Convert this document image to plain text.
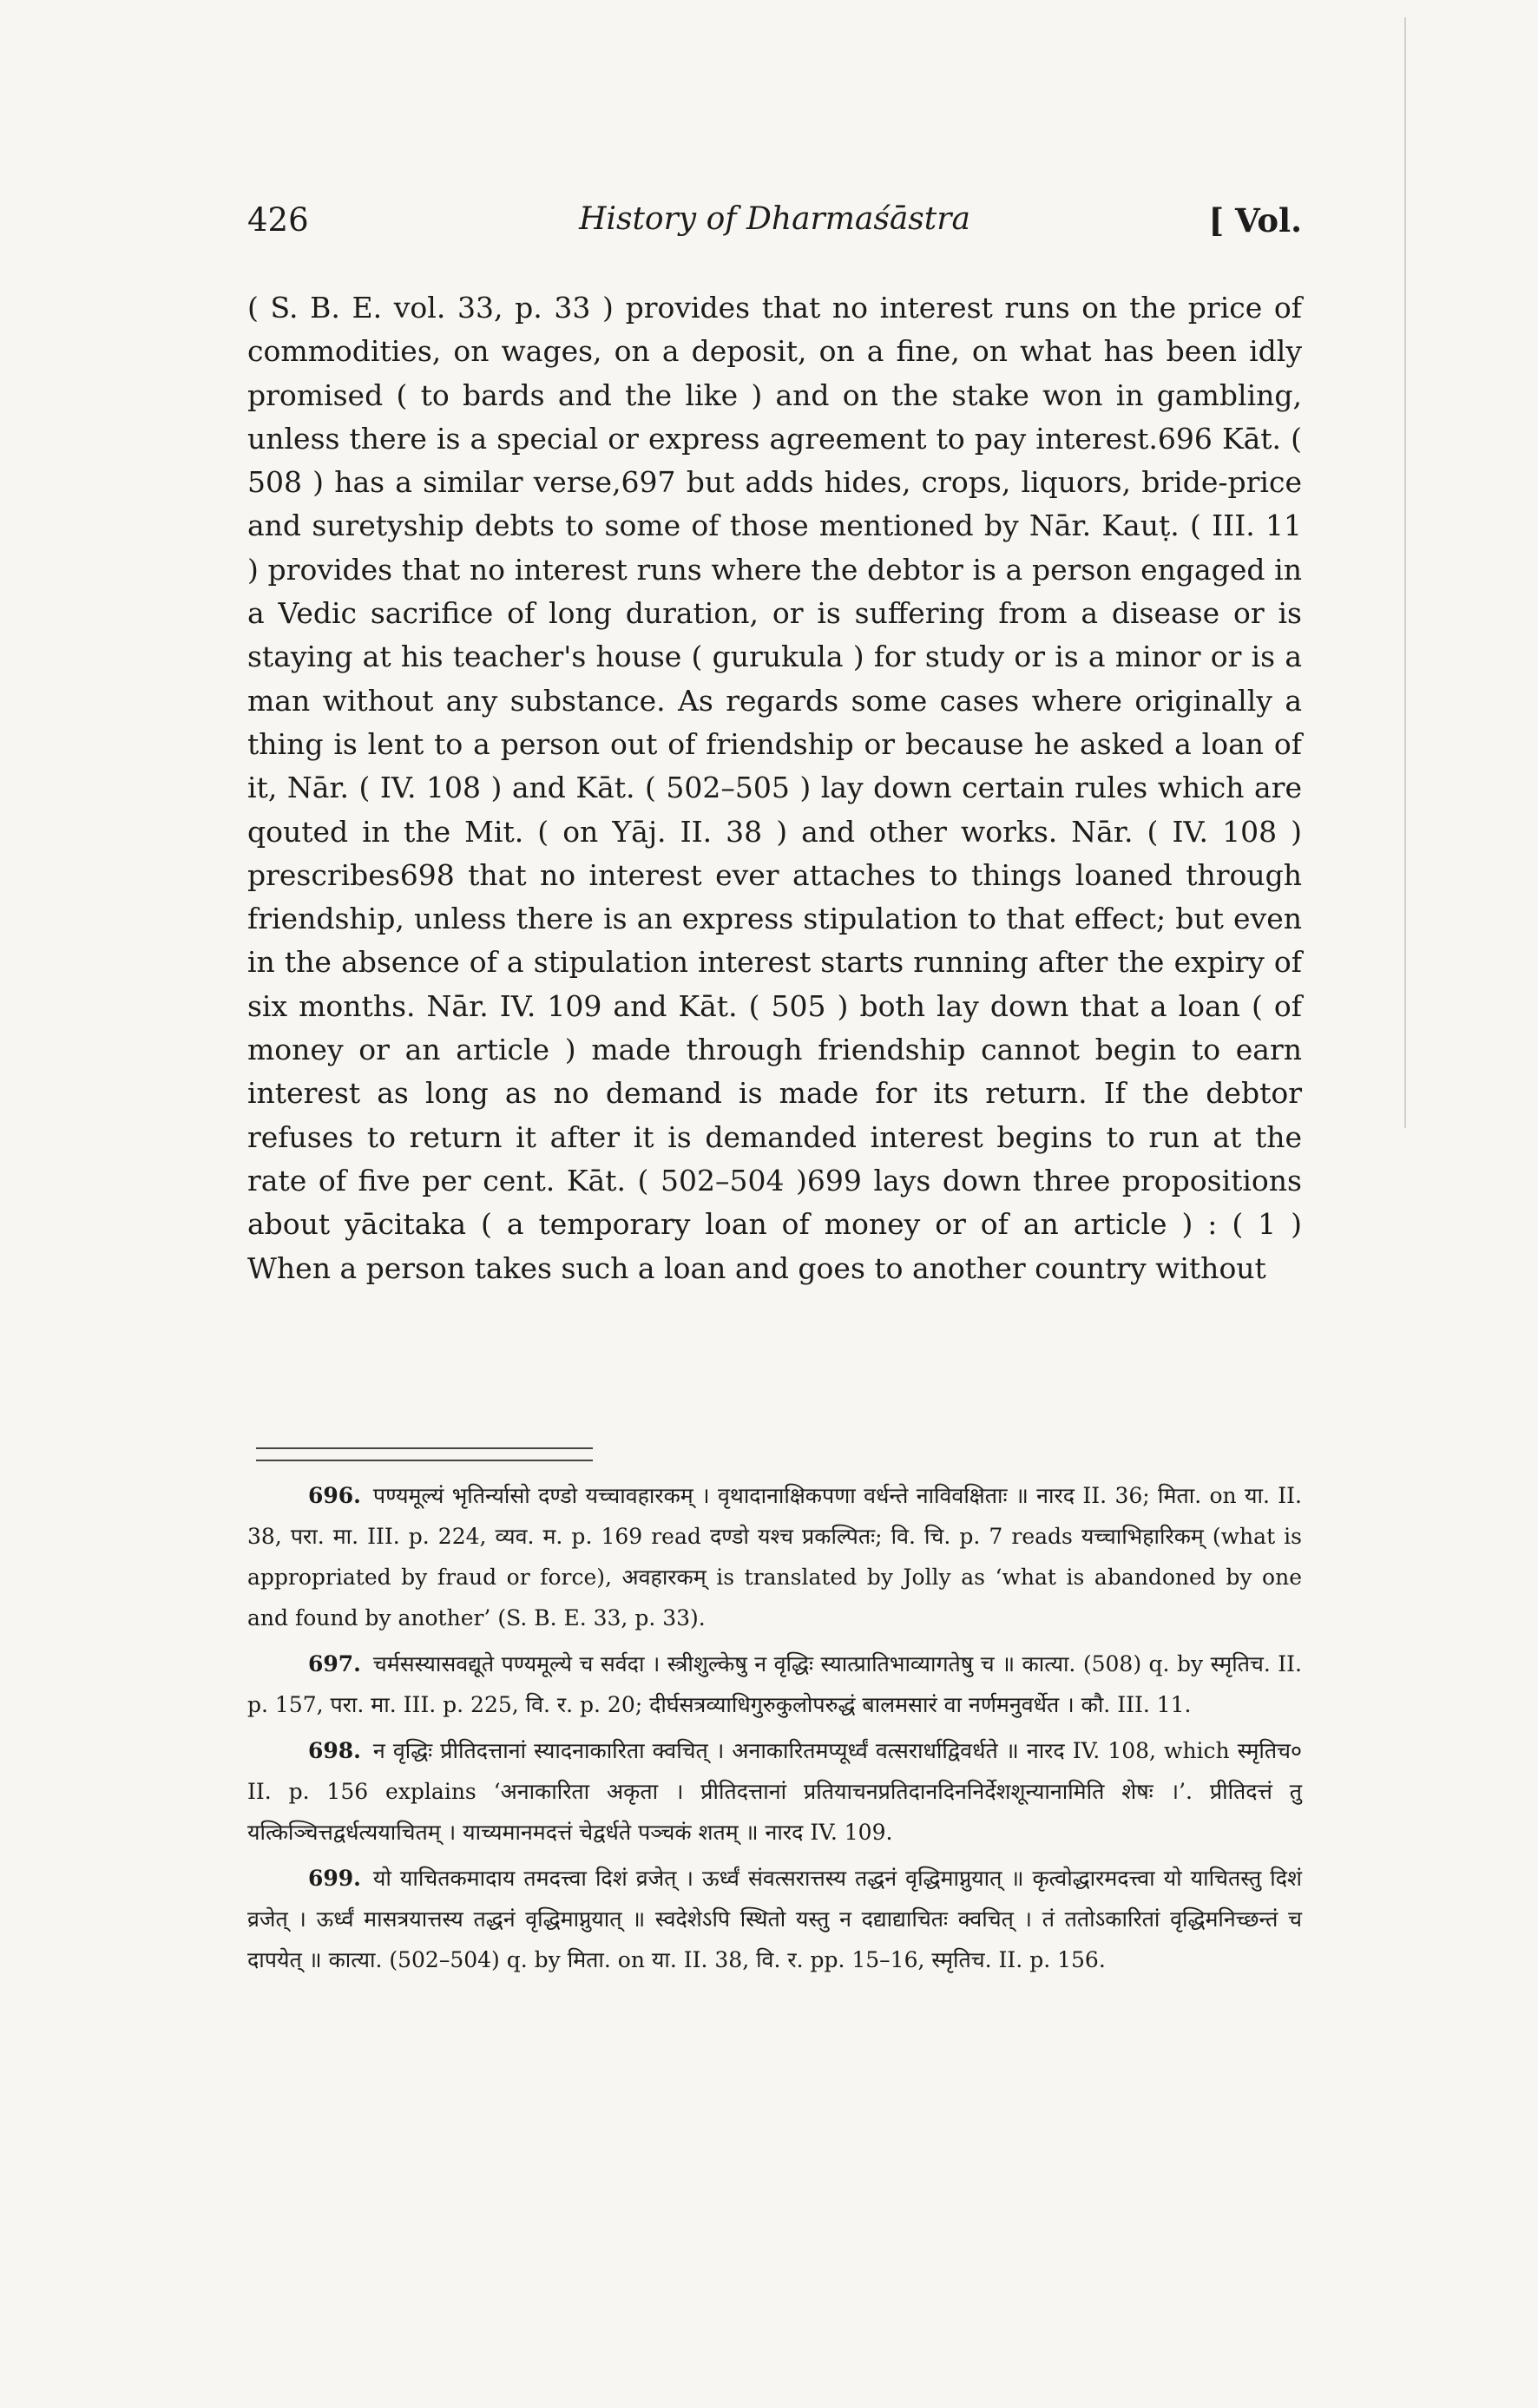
426	History of Dharmaśāstra	[ Vol.

( S. B. E. vol. 33, p. 33 ) provides that no interest runs on the price of commodities, on wages, on a deposit, on a fine, on what has been idly promised ( to bards and the like ) and on the stake won in gambling, unless there is a special or express agreement to pay interest.696 Kāt. ( 508 ) has a similar verse,697 but adds hides, crops, liquors, bride-price and suretyship debts to some of those mentioned by Nār. Kauṭ. ( III. 11 ) provides that no interest runs where the debtor is a person engaged in a Vedic sacrifice of long duration, or is suffering from a disease or is staying at his teacher's house ( gurukula ) for study or is a minor or is a man without any substance. As regards some cases where originally a thing is lent to a person out of friendship or because he asked a loan of it, Nār. ( IV. 108 ) and Kāt. ( 502–505 ) lay down certain rules which are qouted in the Mit. ( on Yāj. II. 38 ) and other works. Nār. ( IV. 108 ) prescribes698 that no interest ever attaches to things loaned through friendship, unless there is an express stipulation to that effect; but even in the absence of a stipulation interest starts running after the expiry of six months. Nār. IV. 109 and Kāt. ( 505 ) both lay down that a loan ( of money or an article ) made through friendship cannot begin to earn interest as long as no demand is made for its return. If the debtor refuses to return it after it is demanded interest begins to run at the rate of five per cent. Kāt. ( 502–504 )699 lays down three propositions about yācitaka ( a temporary loan of money or of an article ) : ( 1 ) When a person takes such a loan and goes to another country without

696. पण्यमूल्यं भृतिर्न्यासो दण्डो यच्चावहारकम् । वृथादानाक्षिकपणा वर्धन्ते नाविवक्षिताः ॥ नारद II. 36; मिता. on या. II. 38, परा. मा. III. p. 224, व्यव. म. p. 169 read दण्डो यश्च प्रकल्पितः; वि. चि. p. 7 reads यच्चाभिहारिकम् (what is appropriated by fraud or force), अवहारकम् is translated by Jolly as ‘what is abandoned by one and found by another’ (S. B. E. 33, p. 33).

697. चर्मसस्यासवद्यूते पण्यमूल्ये च सर्वदा । स्त्रीशुल्केषु न वृद्धिः स्यात्प्रातिभाव्यागतेषु च ॥ कात्या. (508) q. by स्मृतिच. II. p. 157, परा. मा. III. p. 225, वि. र. p. 20; दीर्घसत्रव्याधिगुरुकुलोपरुद्धं बालमसारं वा नर्णमनुवर्धेत । कौ. III. 11.

698. न वृद्धिः प्रीतिदत्तानां स्यादनाकारिता क्वचित् । अनाकारितमप्यूर्ध्वं वत्सरार्धाद्विवर्धते ॥ नारद IV. 108, which स्मृतिच० II. p. 156 explains ‘अनाकारिता अकृता । प्रीतिदत्तानां प्रतियाचनप्रतिदानदिननिर्देशशून्यानामिति शेषः ।’. प्रीतिदत्तं तु यत्किञ्चित्तद्वर्धत्ययाचितम् । याच्यमानमदत्तं चेद्वर्धते पञ्चकं शतम् ॥ नारद IV. 109.

699. यो याचितकमादाय तमदत्त्वा दिशं व्रजेत् । ऊर्ध्वं संवत्सरात्तस्य तद्धनं वृद्धिमाप्नुयात् ॥ कृत्वोद्धारमदत्त्वा यो याचितस्तु दिशं व्रजेत् । ऊर्ध्वं मासत्रयात्तस्य तद्धनं वृद्धिमाप्नुयात् ॥ स्वदेशेऽपि स्थितो यस्तु न दद्याद्याचितः क्वचित् । तं ततोऽकारितां वृद्धिमनिच्छन्तं च दापयेत् ॥ कात्या. (502–504) q. by मिता. on या. II. 38, वि. र. pp. 15–16, स्मृतिच. II. p. 156.
